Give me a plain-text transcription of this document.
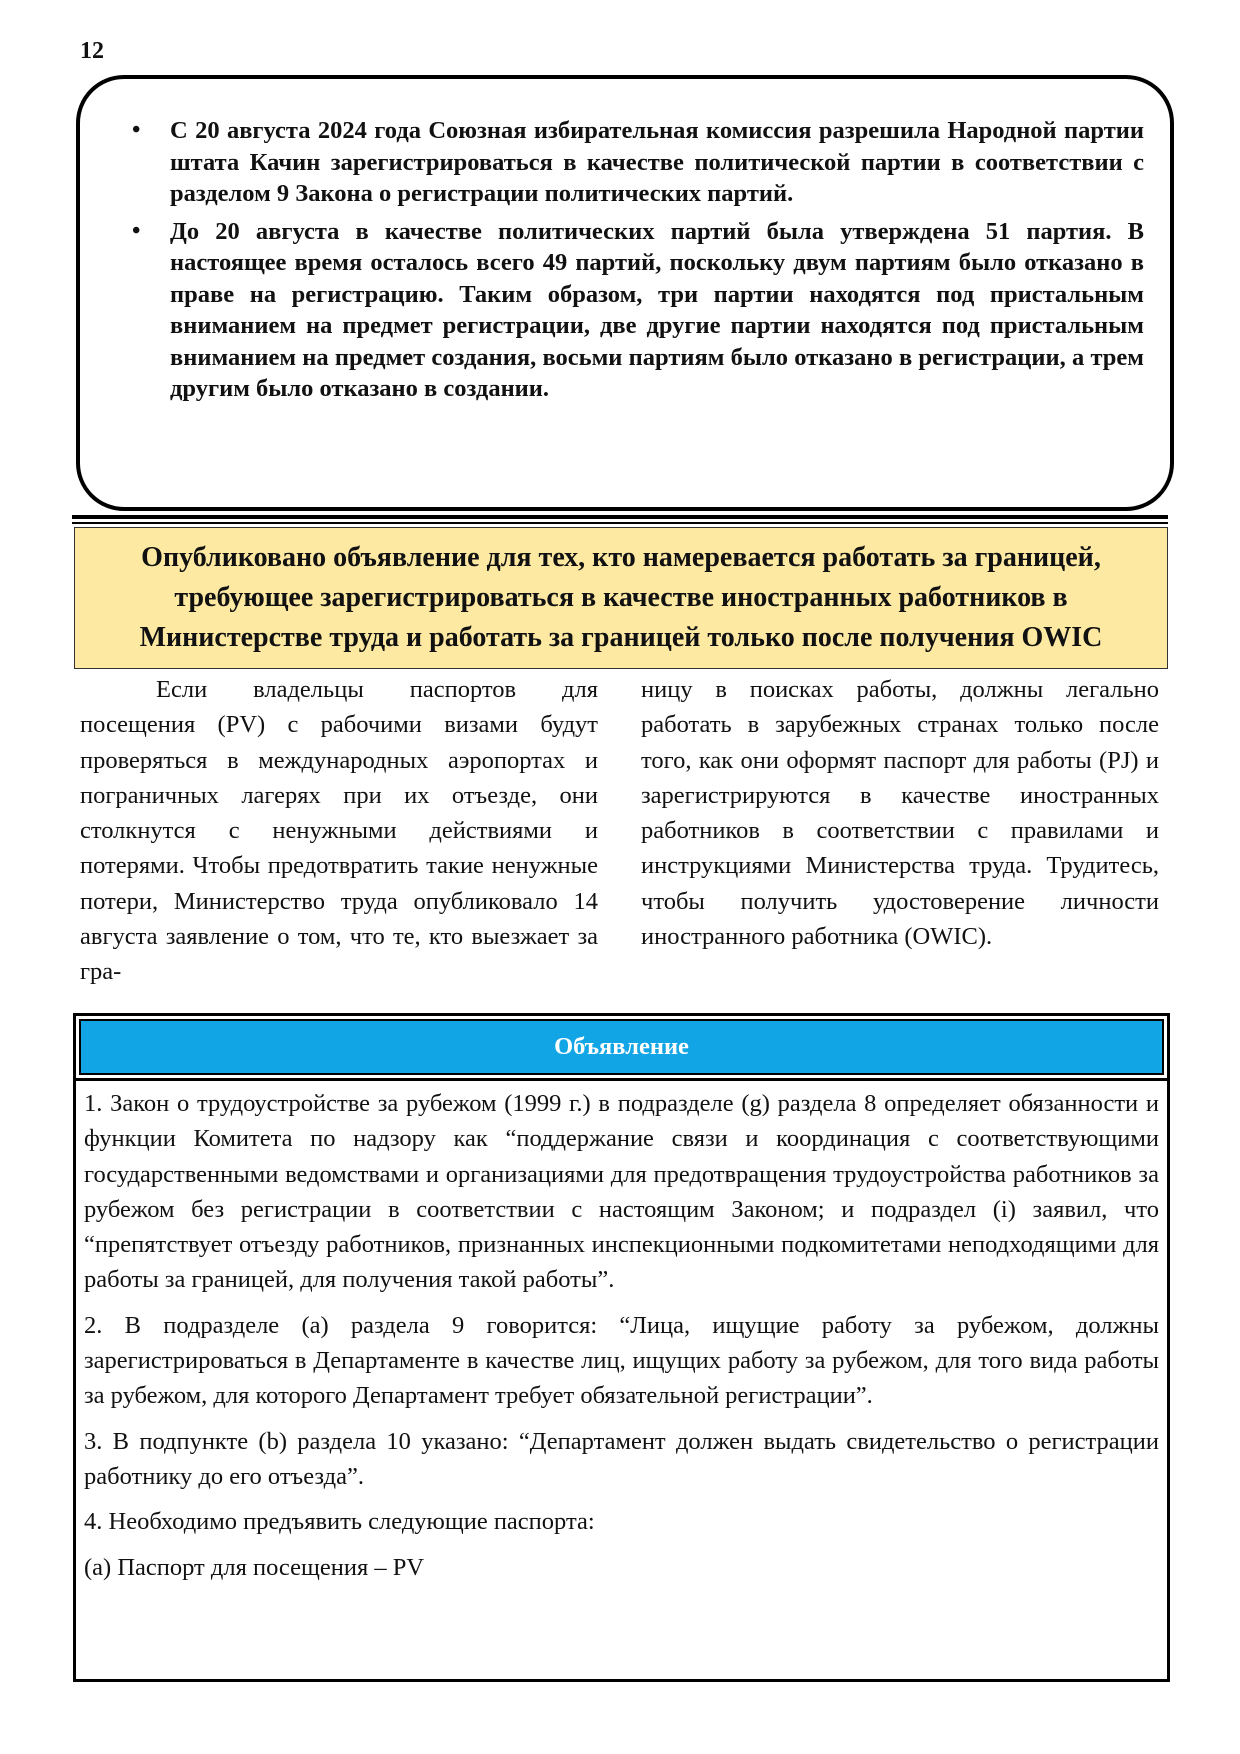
12
• С 20 августа 2024 года Союзная избирательная комиссия разрешила Народной партии штата Качин зарегистрироваться в качестве политической партии в соответствии с разделом 9 Закона о регистрации политических партий.
• До 20 августа в качестве политических партий была утверждена 51 партия. В настоящее время осталось всего 49 партий, поскольку двум партиям было отказано в праве на регистрацию. Таким образом, три партии находятся под пристальным вниманием на предмет регистрации, две другие партии находятся под пристальным вниманием на предмет создания, восьми партиям было отказано в регистрации, а трем другим было отказано в создании.
Опубликовано объявление для тех, кто намеревается работать за границей, требующее зарегистрироваться в качестве иностранных работников в Министерстве труда и работать за границей только после получения OWIC

Если владельцы паспортов для посещения (PV) с рабочими визами будут проверяться в международных аэропортах и пограничных лагерях при их отъезде, они столкнутся с ненужными действиями и потерями. Чтобы предотвратить такие ненужные потери, Министерство труда опубликовало 14 августа заявление о том, что те, кто выезжает за гра-

ницу в поисках работы, должны легально работать в зарубежных странах только после того, как они оформят паспорт для работы (PJ) и зарегистрируются в качестве иностранных работников в соответствии с правилами и инструкциями Министерства труда. Трудитесь, чтобы получить удостоверение личности иностранного работника (OWIC).

Объявление

1. Закон о трудоустройстве за рубежом (1999 г.) в подразделе (g) раздела 8 определяет обязанности и функции Комитета по надзору как “поддержание связи и координация с соответствующими государственными ведомствами и организациями для предотвращения трудоустройства работников за рубежом без регистрации в соответствии с настоящим Законом; и подраздел (i) заявил, что “препятствует отъезду работников, признанных инспекционными подкомитетами неподходящими для работы за границей, для получения такой работы”.

2. В подразделе (a) раздела 9 говорится: “Лица, ищущие работу за рубежом, должны зарегистрироваться в Департаменте в качестве лиц, ищущих работу за рубежом, для того вида работы за рубежом, для которого Департамент требует обязательной регистрации”.

3. В подпункте (b) раздела 10 указано: “Департамент должен выдать свидетельство о регистрации работнику до его отъезда”.

4. Необходимо предъявить следующие паспорта:

(a) Паспорт для посещения – PV
